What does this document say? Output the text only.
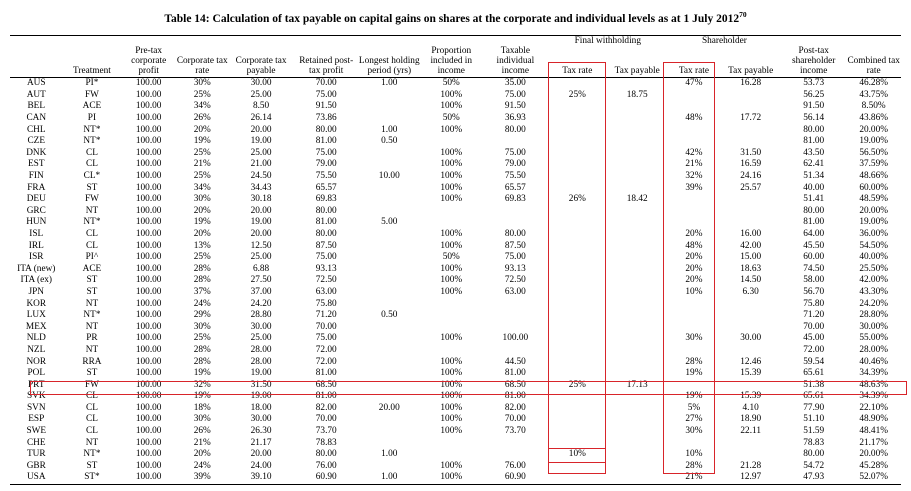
Table 14: Calculation of tax payable on capital gains on shares at the corporate and individual levels as at 1 July 2012$^{70}$
									Final withholding		Shareholder			
	Treatment	Pre-tax corporate profit	Corporate tax rate	Corporate tax payable	Retained post-tax profit	Longest holding period (yrs)	Proportion included in income	Taxable individual income	Tax rate	Tax payable	Tax rate	Tax payable	Post-tax shareholder income	Combined tax rate
AUS	PI*	100.00	30%	30.00	70.00	1.00	50%	35.00			47%	16.28	53.73	46.28%
AUT	FW	100.00	25%	25.00	75.00		100%	75.00	25%	18.75			56.25	43.75%
BEL	ACE	100.00	34%	8.50	91.50		100%	91.50					91.50	8.50%
CAN	PI	100.00	26%	26.14	73.86		50%	36.93			48%	17.72	56.14	43.86%
CHL	NT*	100.00	20%	20.00	80.00	1.00	100%	80.00					80.00	20.00%
CZE	NT*	100.00	19%	19.00	81.00	0.50							81.00	19.00%
DNK	CL	100.00	25%	25.00	75.00		100%	75.00			42%	31.50	43.50	56.50%
EST	CL	100.00	21%	21.00	79.00		100%	79.00			21%	16.59	62.41	37.59%
FIN	CL*	100.00	25%	24.50	75.50	10.00	100%	75.50			32%	24.16	51.34	48.66%
FRA	ST	100.00	34%	34.43	65.57		100%	65.57			39%	25.57	40.00	60.00%
DEU	FW	100.00	30%	30.18	69.83		100%	69.83	26%	18.42			51.41	48.59%
GRC	NT	100.00	20%	20.00	80.00								80.00	20.00%
HUN	NT*	100.00	19%	19.00	81.00	5.00							81.00	19.00%
ISL	CL	100.00	20%	20.00	80.00		100%	80.00			20%	16.00	64.00	36.00%
IRL	CL	100.00	13%	12.50	87.50		100%	87.50			48%	42.00	45.50	54.50%
ISR	PI^	100.00	25%	25.00	75.00		50%	75.00			20%	15.00	60.00	40.00%
ITA (new)	ACE	100.00	28%	6.88	93.13		100%	93.13			20%	18.63	74.50	25.50%
ITA (ex)	ST	100.00	28%	27.50	72.50		100%	72.50			20%	14.50	58.00	42.00%
JPN	ST	100.00	37%	37.00	63.00		100%	63.00			10%	6.30	56.70	43.30%
KOR	NT	100.00	24%	24.20	75.80								75.80	24.20%
LUX	NT*	100.00	29%	28.80	71.20	0.50							71.20	28.80%
MEX	NT	100.00	30%	30.00	70.00								70.00	30.00%
NLD	PR	100.00	25%	25.00	75.00		100%	100.00			30%	30.00	45.00	55.00%
NZL	NT	100.00	28%	28.00	72.00								72.00	28.00%
NOR	RRA	100.00	28%	28.00	72.00		100%	44.50			28%	12.46	59.54	40.46%
POL	ST	100.00	19%	19.00	81.00		100%	81.00			19%	15.39	65.61	34.39%
PRT	FW	100.00	32%	31.50	68.50		100%	68.50	25%	17.13			51.38	48.63%
SVK	CL	100.00	19%	19.00	81.00		100%	81.00			19%	15.39	65.61	34.39%
SVN	CL	100.00	18%	18.00	82.00	20.00	100%	82.00			5%	4.10	77.90	22.10%
ESP	CL	100.00	30%	30.00	70.00		100%	70.00			27%	18.90	51.10	48.90%
SWE	CL	100.00	26%	26.30	73.70		100%	73.70			30%	22.11	51.59	48.41%
CHE	NT	100.00	21%	21.17	78.83								78.83	21.17%
TUR	NT*	100.00	20%	20.00	80.00	1.00			10%		10%		80.00	20.00%
GBR	ST	100.00	24%	24.00	76.00		100%	76.00			28%	21.28	54.72	45.28%
USA	ST*	100.00	39%	39.10	60.90	1.00	100%	60.90			21%	12.97	47.93	52.07%
